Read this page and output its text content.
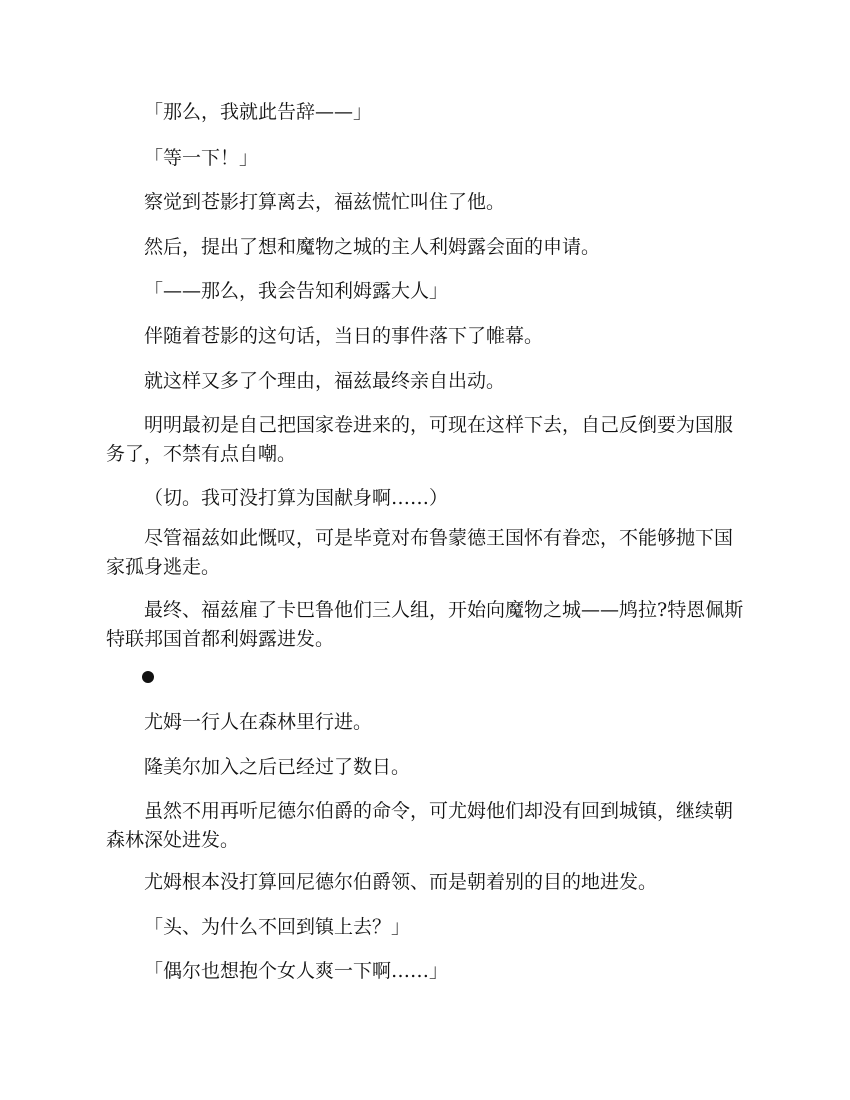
「那么，我就此告辞——」

「等一下！」

察觉到苍影打算离去，福兹慌忙叫住了他。

然后，提出了想和魔物之城的主人利姆露会面的申请。

「——那么，我会告知利姆露大人」

伴随着苍影的这句话，当日的事件落下了帷幕。

就这样又多了个理由，福兹最终亲自出动。

明明最初是自己把国家卷进来的，可现在这样下去，自己反倒要为国服务了，不禁有点自嘲。

（切。我可没打算为国献身啊……）

尽管福兹如此慨叹，可是毕竟对布鲁蒙德王国怀有眷恋，不能够抛下国家孤身逃走。

最终、福兹雇了卡巴鲁他们三人组，开始向魔物之城——鸠拉?特恩佩斯特联邦国首都利姆露进发。

尤姆一行人在森林里行进。

隆美尔加入之后已经过了数日。

虽然不用再听尼德尔伯爵的命令，可尤姆他们却没有回到城镇，继续朝森林深处进发。

尤姆根本没打算回尼德尔伯爵领、而是朝着别的目的地进发。

「头、为什么不回到镇上去？」

「偶尔也想抱个女人爽一下啊……」
